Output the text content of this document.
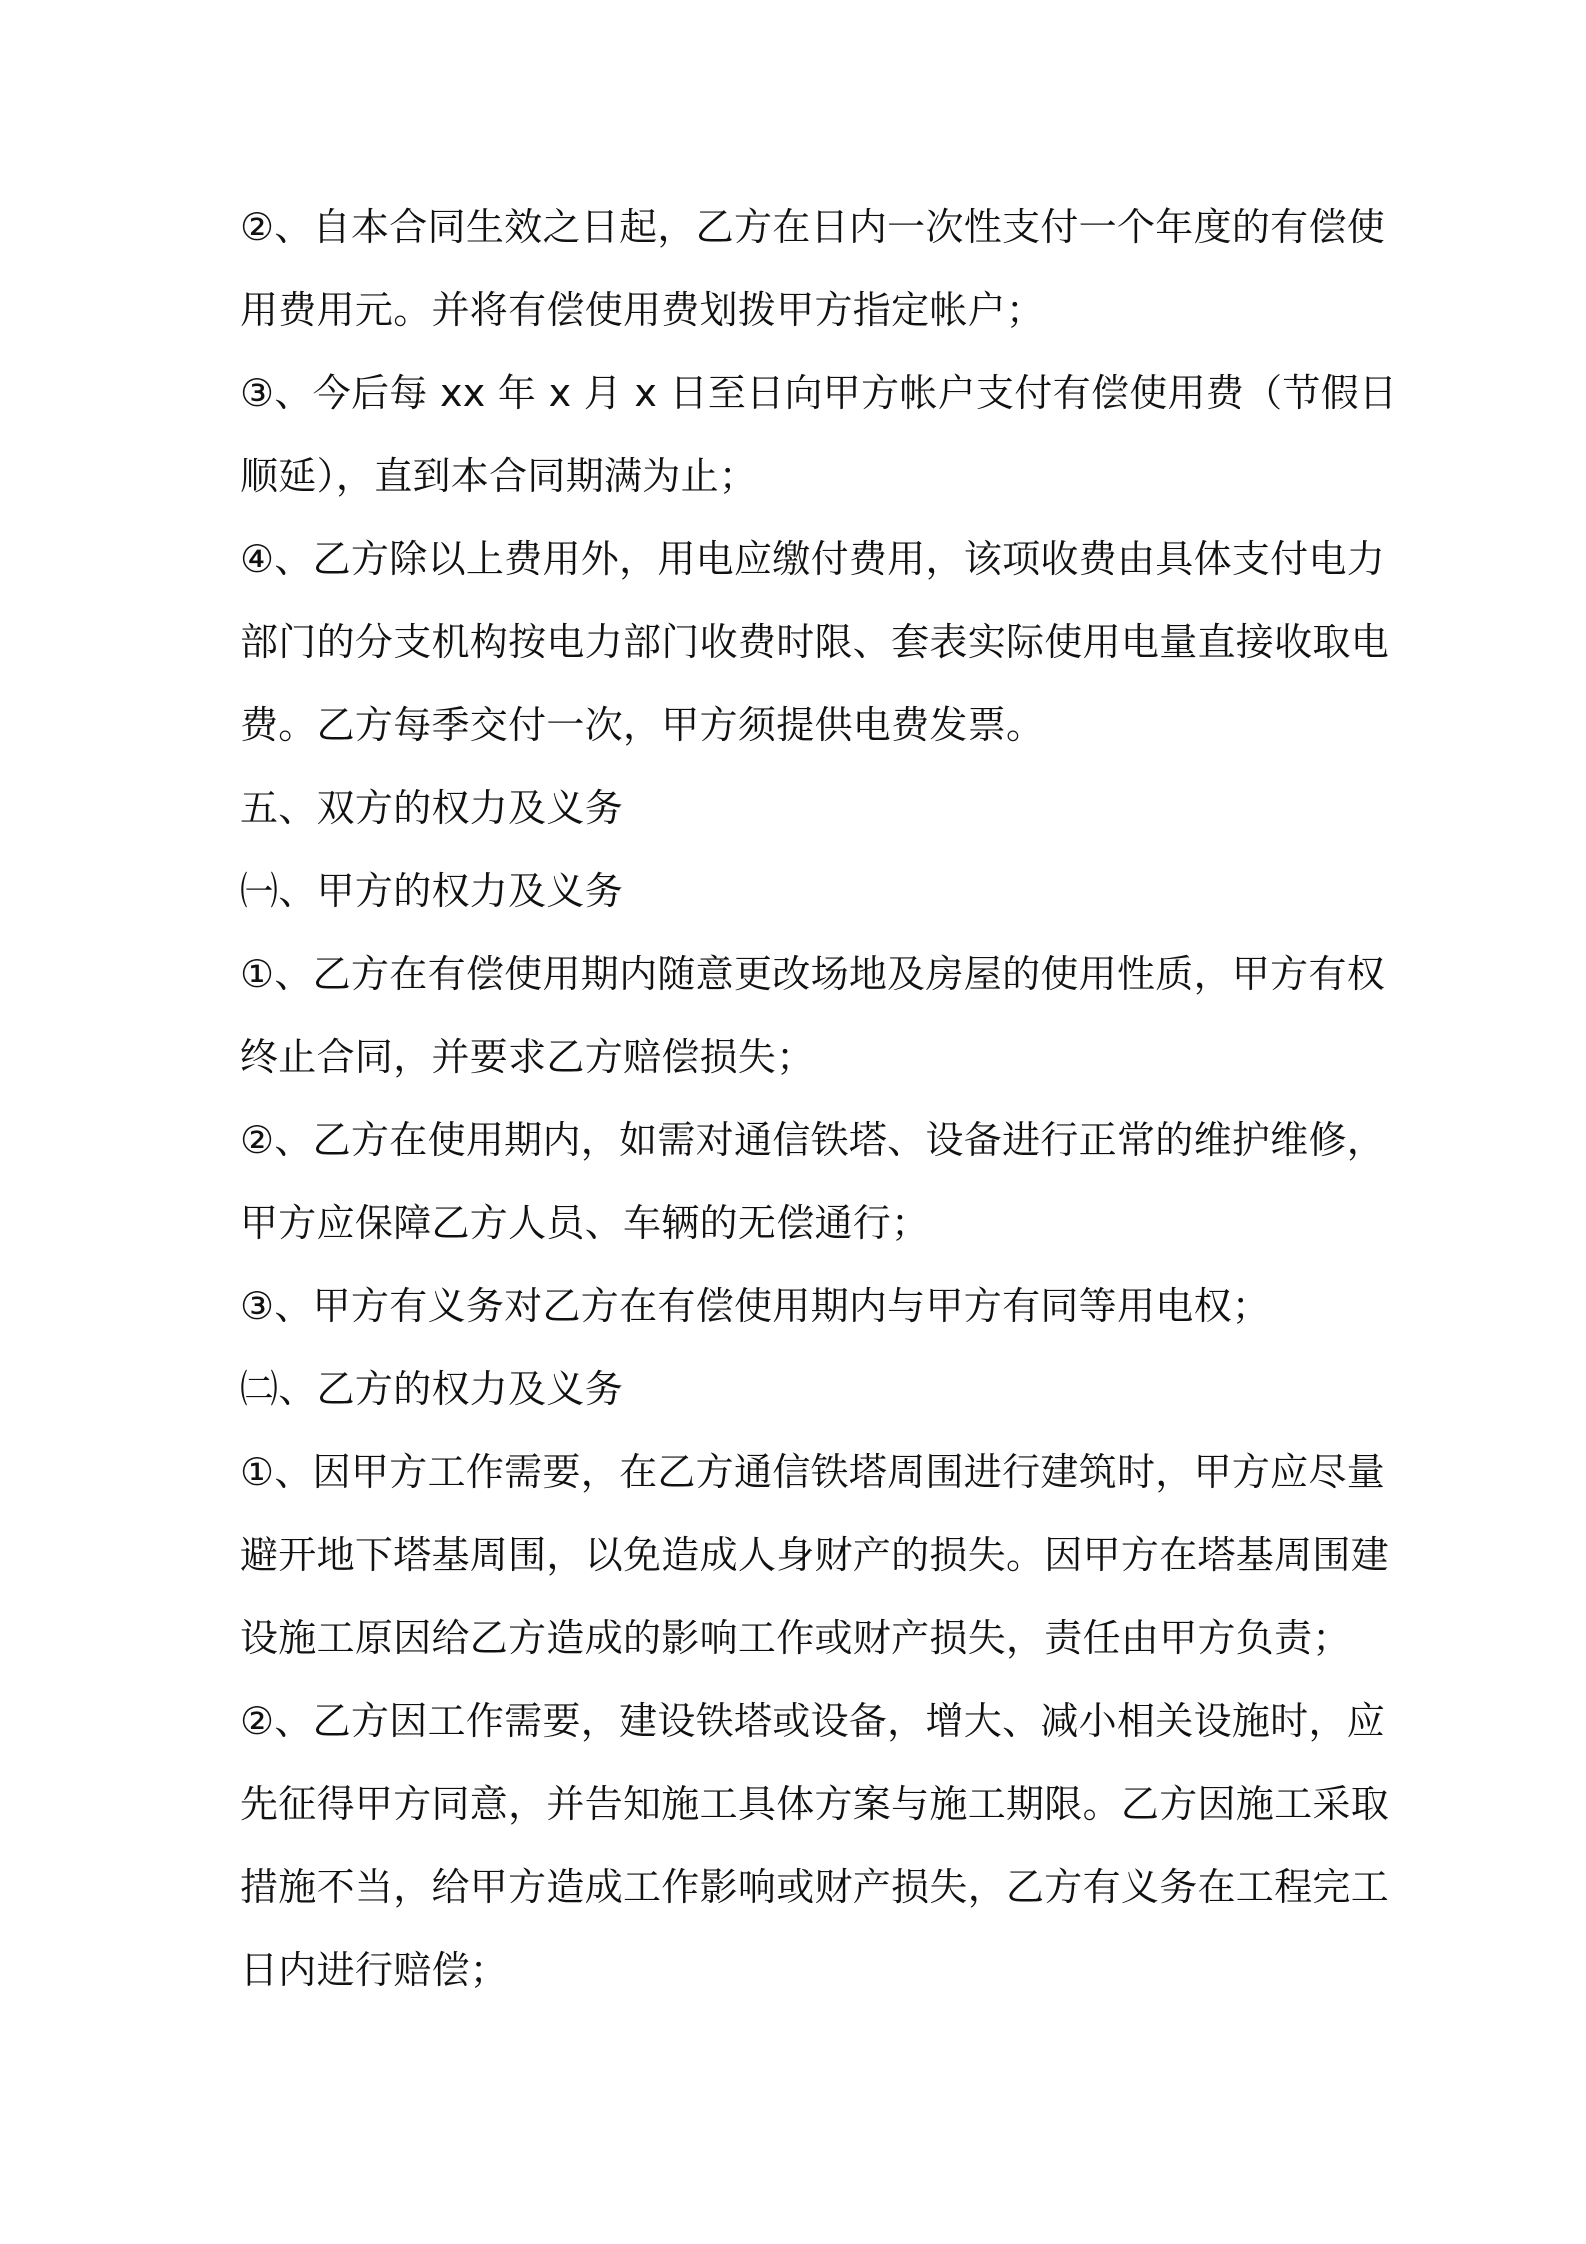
②、自本合同生效之日起，乙方在日内一次性支付一个年度的有偿使
用费用元。并将有偿使用费划拨甲方指定帐户；
③、今后每 xx 年 x 月 x 日至日向甲方帐户支付有偿使用费（节假日
顺延），直到本合同期满为止；
④、乙方除以上费用外，用电应缴付费用，该项收费由具体支付电力
部门的分支机构按电力部门收费时限、套表实际使用电量直接收取电
费。乙方每季交付一次，甲方须提供电费发票。
五、双方的权力及义务
㈠、甲方的权力及义务
①、乙方在有偿使用期内随意更改场地及房屋的使用性质，甲方有权
终止合同，并要求乙方赔偿损失；
②、乙方在使用期内，如需对通信铁塔、设备进行正常的维护维修，
甲方应保障乙方人员、车辆的无偿通行；
③、甲方有义务对乙方在有偿使用期内与甲方有同等用电权；
㈡、乙方的权力及义务
①、因甲方工作需要，在乙方通信铁塔周围进行建筑时，甲方应尽量
避开地下塔基周围，以免造成人身财产的损失。因甲方在塔基周围建
设施工原因给乙方造成的影响工作或财产损失，责任由甲方负责；
②、乙方因工作需要，建设铁塔或设备，增大、减小相关设施时，应
先征得甲方同意，并告知施工具体方案与施工期限。乙方因施工采取
措施不当，给甲方造成工作影响或财产损失，乙方有义务在工程完工
日内进行赔偿；
